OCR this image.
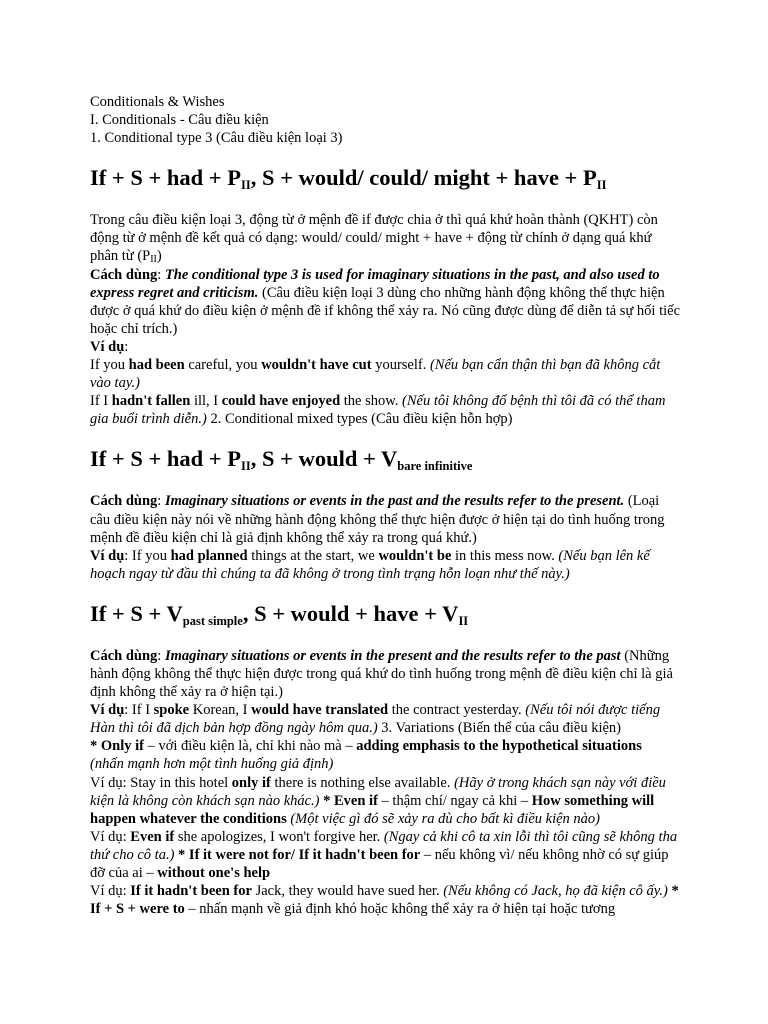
Conditionals & Wishes
I. Conditionals - Câu điều kiện
1. Conditional type 3 (Câu điều kiện loại 3)
If + S + had + $P_{II}$, S + would/ could/ might + have + $P_{II}$

Trong câu điều kiện loại 3, động từ ở mệnh đề if được chia ở thì quá khứ hoàn thành (QKHT) còn động từ ở mệnh đề kết quả có dạng: would/ could/ might + have + động từ chính ở dạng quá khứ phân từ $(P_{II})$

Cách dùng: The conditional type 3 is used for imaginary situations in the past, and also used to express regret and criticism. (Câu điều kiện loại 3 dùng cho những hành động không thể thực hiện được ở quá khứ do điều kiện ở mệnh đề if không thể xảy ra. Nó cũng được dùng để diễn tả sự hối tiếc hoặc chỉ trích.)

Ví dụ:

If you had been careful, you wouldn't have cut yourself. (Nếu bạn cẩn thận thì bạn đã không cắt vào tay.)

If I hadn't fallen ill, I could have enjoyed the show. (Nếu tôi không đổ bệnh thì tôi đã có thể tham gia buổi trình diễn.) 2. Conditional mixed types (Câu điều kiện hỗn hợp)

If + S + had + $P_{II}$, S + would + $V_{bare infinitive}$

Cách dùng: Imaginary situations or events in the past and the results refer to the present. (Loại câu điều kiện này nói về những hành động không thể thực hiện được ở hiện tại do tình huống trong mệnh đề điều kiện chỉ là giả định không thể xảy ra trong quá khứ.)

Ví dụ: If you had planned things at the start, we wouldn't be in this mess now. (Nếu bạn lên kế hoạch ngay từ đầu thì chúng ta đã không ở trong tình trạng hỗn loạn như thế này.)

$If + S + V_{past simple}$, S + would + have + $V_{II}$

Cách dùng: Imaginary situations or events in the present and the results refer to the past (Những hành động không thể thực hiện được trong quá khứ do tình huống trong mệnh đề điều kiện chỉ là giả định không thể xảy ra ở hiện tại.)

Ví dụ: If I spoke Korean, I would have translated the contract yesterday. (Nếu tôi nói được tiếng Hàn thì tôi đã dịch bản hợp đồng ngày hôm qua.) 3. Variations (Biến thể của câu điều kiện)

* Only if – với điều kiện là, chỉ khi nào mà – adding emphasis to the hypothetical situations
(nhấn mạnh hơn một tình huống giả định)

Ví dụ: Stay in this hotel only if there is nothing else available. (Hãy ở trong khách sạn này với điều kiện là không còn khách sạn nào khác.) * Even if – thậm chí/ ngay cả khi – How something will happen whatever the conditions (Một việc gì đó sẽ xảy ra dù cho bất kì điều kiện nào)

Ví dụ: Even if she apologizes, I won't forgive her. (Ngay cả khi cô ta xin lỗi thì tôi cũng sẽ không tha thứ cho cô ta.) * If it were not for/ If it hadn't been for – nếu không vì/ nếu không nhờ có sự giúp đỡ của ai – without one's help

Ví dụ: If it hadn't been for Jack, they would have sued her. (Nếu không có Jack, họ đã kiện cô ấy.) * If + S + were to – nhấn mạnh về giả định khó hoặc không thể xảy ra ở hiện tại hoặc tương
